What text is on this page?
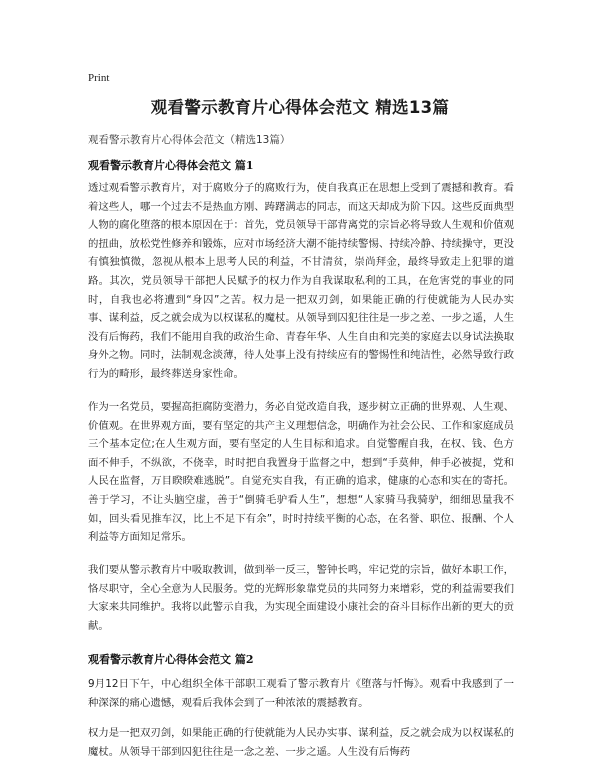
Print
观看警示教育片心得体会范文 精选13篇
观看警示教育片心得体会范文（精选13篇）
观看警示教育片心得体会范文 篇1

透过观看警示教育片，对于腐败分子的腐败行为，使自我真正在思想上受到了震撼和教育。看着这些人，哪一个过去不是热血方刚、踌躇满志的同志，而这天却成为阶下囚。这些反面典型人物的腐化堕落的根本原因在于：首先，党员领导干部背离党的宗旨必将导致人生观和价值观的扭曲，放松党性修养和锻炼，应对市场经济大潮不能持续警惕、持续冷静、持续操守，更没有慎独慎微，忽视从根本上思考人民的利益，不甘清贫，崇尚拜金，最终导致走上犯罪的道路。其次，党员领导干部把人民赋予的权力作为自我谋取私利的工具，在危害党的事业的同时，自我也必将遭到“身囚”之苦。权力是一把双刃剑，如果能正确的行使就能为人民办实事、谋利益，反之就会成为以权谋私的魔杖。从领导到囚犯往往是一步之差、一步之遥，人生没有后悔药，我们不能用自我的政治生命、青春年华、人生自由和完美的家庭去以身试法换取身外之物。同时，法制观念淡薄，待人处事上没有持续应有的警惕性和纯洁性，必然导致行政行为的畸形，最终葬送身家性命。

作为一名党员，要握高拒腐防变潜力，务必自觉改造自我，逐步树立正确的世界观、人生观、价值观。在世界观方面，要有坚定的共产主义理想信念，明确作为社会公民、工作和家庭成员三个基本定位;在人生观方面，要有坚定的人生目标和追求。自觉警醒自我，在权、钱、色方面不伸手，不纵欲，不侥幸，时时把自我置身于监督之中，想到“手莫伸，伸手必被捉，党和人民在监督，万目睽睽难逃脱”。自觉充实自我，有正确的追求，健康的心态和实在的寄托。善于学习，不让头脑空虚，善于“倒骑毛驴看人生”，想想“人家骑马我骑驴，细细思量我不如，回头看见推车汉，比上不足下有余”，时时持续平衡的心态，在名誉、职位、报酬、个人利益等方面知足常乐。

我们要从警示教育片中吸取教训，做到举一反三，警钟长鸣，牢记党的宗旨，做好本职工作，恪尽职守，全心全意为人民服务。党的光辉形象靠党员的共同努力来增彩，党的利益需要我们大家来共同维护。我将以此警示自我，为实现全面建设小康社会的奋斗目标作出新的更大的贡献。

观看警示教育片心得体会范文 篇2

9月12日下午，中心组织全体干部职工观看了警示教育片《堕落与忏悔》。观看中我感到了一种深深的痛心遗憾，观看后我体会到了一种浓浓的震撼教育。

权力是一把双刃剑，如果能正确的行使就能为人民办实事、谋利益，反之就会成为以权谋私的魔杖。从领导干部到囚犯往往是一念之差、一步之遥。人生没有后悔药
